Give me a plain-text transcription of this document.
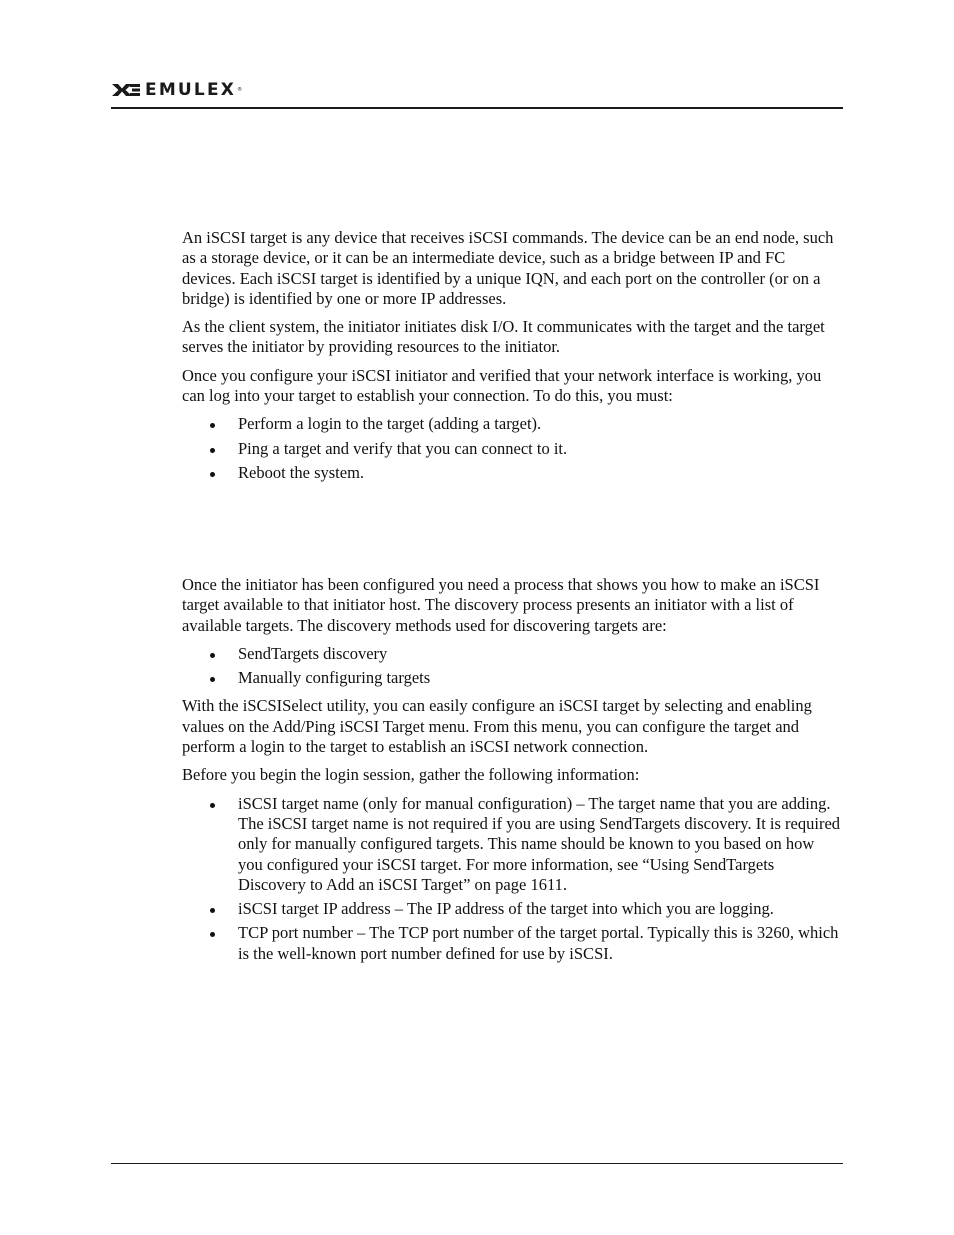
EMULEX ®

An iSCSI target is any device that receives iSCSI commands. The device can be an end node, such as a storage device, or it can be an intermediate device, such as a bridge between IP and FC devices. Each iSCSI target is identified by a unique IQN, and each port on the controller (or on a bridge) is identified by one or more IP addresses.

As the client system, the initiator initiates disk I/O. It communicates with the target and the target serves the initiator by providing resources to the initiator.

Once you configure your iSCSI initiator and verified that your network interface is working, you can log into your target to establish your connection. To do this, you must:

Perform a login to the target (adding a target).
Ping a target and verify that you can connect to it.
Reboot the system.

Once the initiator has been configured you need a process that shows you how to make an iSCSI target available to that initiator host. The discovery process presents an initiator with a list of available targets. The discovery methods used for discovering targets are:

SendTargets discovery
Manually configuring targets

With the iSCSISelect utility, you can easily configure an iSCSI target by selecting and enabling values on the Add/Ping iSCSI Target menu. From this menu, you can configure the target and perform a login to the target to establish an iSCSI network connection.

Before you begin the login session, gather the following information:

iSCSI target name (only for manual configuration) – The target name that you are adding. The iSCSI target name is not required if you are using SendTargets discovery. It is required only for manually configured targets. This name should be known to you based on how you configured your iSCSI target. For more information, see “Using SendTargets Discovery to Add an iSCSI Target” on page 1611.
iSCSI target IP address – The IP address of the target into which you are logging.
TCP port number – The TCP port number of the target portal. Typically this is 3260, which is the well-known port number defined for use by iSCSI.
